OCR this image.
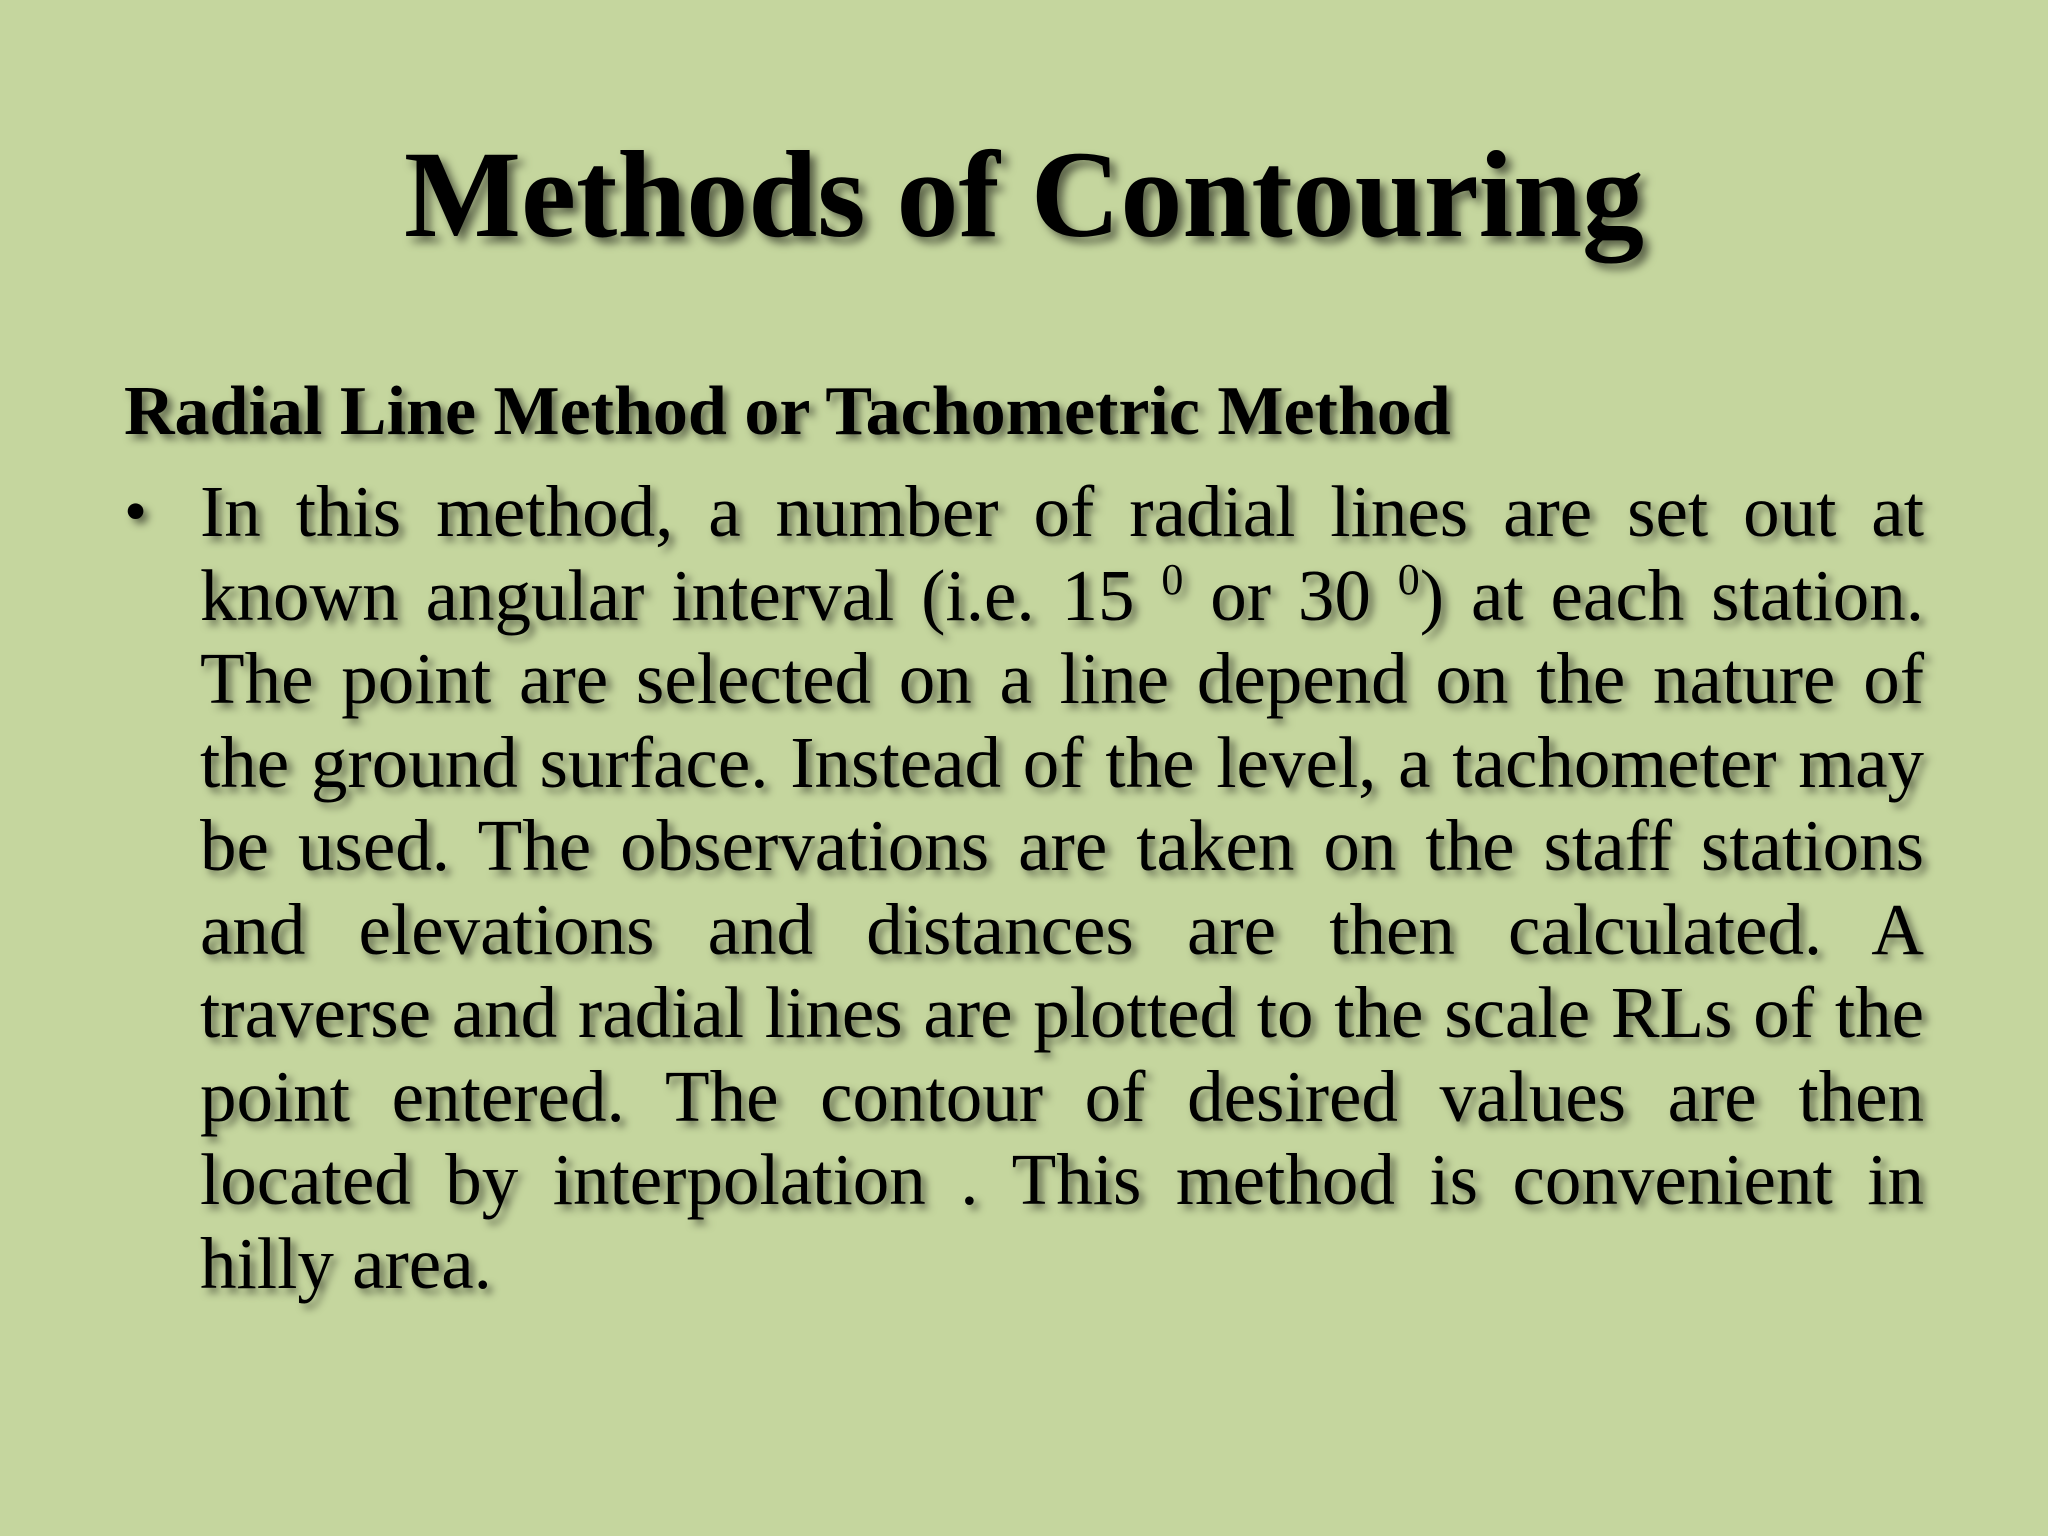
Methods of Contouring
Radial Line Method or Tachometric Method
• In this method, a number of radial lines are set out at known angular interval (i.e. 15 $^0$ or 30 $^0$) at each station. The point are selected on a line depend on the nature of the ground surface. Instead of the level, a tachometer may be used. The observations are taken on the staff stations and elevations and distances are then calculated. A traverse and radial lines are plotted to the scale RLs of the point entered. The contour of desired values are then located by interpolation . This method is convenient in hilly area.
